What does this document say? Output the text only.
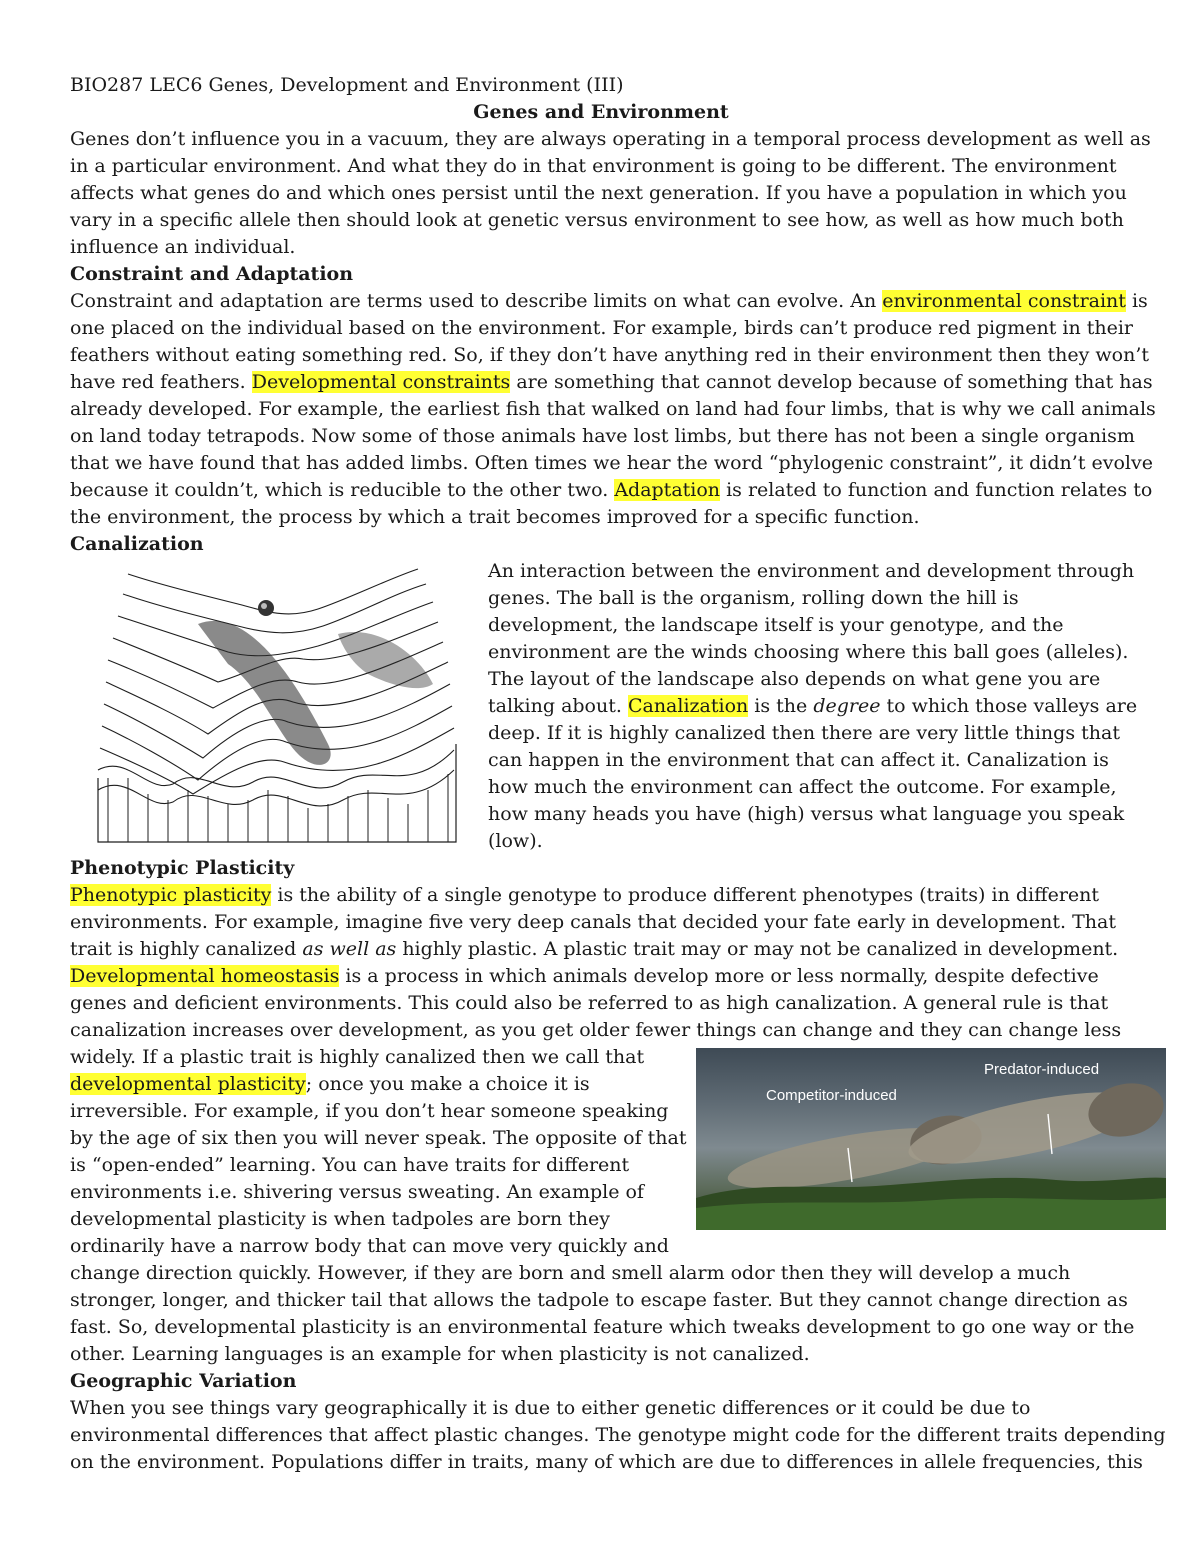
BIO287 LEC6 Genes, Development and Environment (III)
Genes and Environment
Genes don’t influence you in a vacuum, they are always operating in a temporal process development as well as
in a particular environment. And what they do in that environment is going to be different. The environment
affects what genes do and which ones persist until the next generation. If you have a population in which you
vary in a specific allele then should look at genetic versus environment to see how, as well as how much both
influence an individual.
Constraint and Adaptation
Constraint and adaptation are terms used to describe limits on what can evolve. An environmental constraint is
one placed on the individual based on the environment. For example, birds can’t produce red pigment in their
feathers without eating something red. So, if they don’t have anything red in their environment then they won’t
have red feathers. Developmental constraints are something that cannot develop because of something that has
already developed. For example, the earliest fish that walked on land had four limbs, that is why we call animals
on land today tetrapods. Now some of those animals have lost limbs, but there has not been a single organism
that we have found that has added limbs. Often times we hear the word “phylogenic constraint”, it didn’t evolve
because it couldn’t, which is reducible to the other two. Adaptation is related to function and function relates to
the environment, the process by which a trait becomes improved for a specific function.
Canalization
An interaction between the environment and development through
genes. The ball is the organism, rolling down the hill is
development, the landscape itself is your genotype, and the
environment are the winds choosing where this ball goes (alleles).
The layout of the landscape also depends on what gene you are
talking about. Canalization is the degree to which those valleys are
deep. If it is highly canalized then there are very little things that
can happen in the environment that can affect it. Canalization is
how much the environment can affect the outcome. For example,
how many heads you have (high) versus what language you speak
(low).
Phenotypic Plasticity
Phenotypic plasticity is the ability of a single genotype to produce different phenotypes (traits) in different
environments. For example, imagine five very deep canals that decided your fate early in development. That
trait is highly canalized as well as highly plastic. A plastic trait may or may not be canalized in development.
Developmental homeostasis is a process in which animals develop more or less normally, despite defective
genes and deficient environments. This could also be referred to as high canalization. A general rule is that
canalization increases over development, as you get older fewer things can change and they can change less
widely. If a plastic trait is highly canalized then we call that
developmental plasticity; once you make a choice it is
irreversible. For example, if you don’t hear someone speaking
by the age of six then you will never speak. The opposite of that
is “open-ended” learning. You can have traits for different
environments i.e. shivering versus sweating. An example of
developmental plasticity is when tadpoles are born they
ordinarily have a narrow body that can move very quickly and
Predator-induced
Competitor-induced
change direction quickly. However, if they are born and smell alarm odor then they will develop a much
stronger, longer, and thicker tail that allows the tadpole to escape faster. But they cannot change direction as
fast. So, developmental plasticity is an environmental feature which tweaks development to go one way or the
other. Learning languages is an example for when plasticity is not canalized.
Geographic Variation
When you see things vary geographically it is due to either genetic differences or it could be due to
environmental differences that affect plastic changes. The genotype might code for the different traits depending
on the environment. Populations differ in traits, many of which are due to differences in allele frequencies, this
